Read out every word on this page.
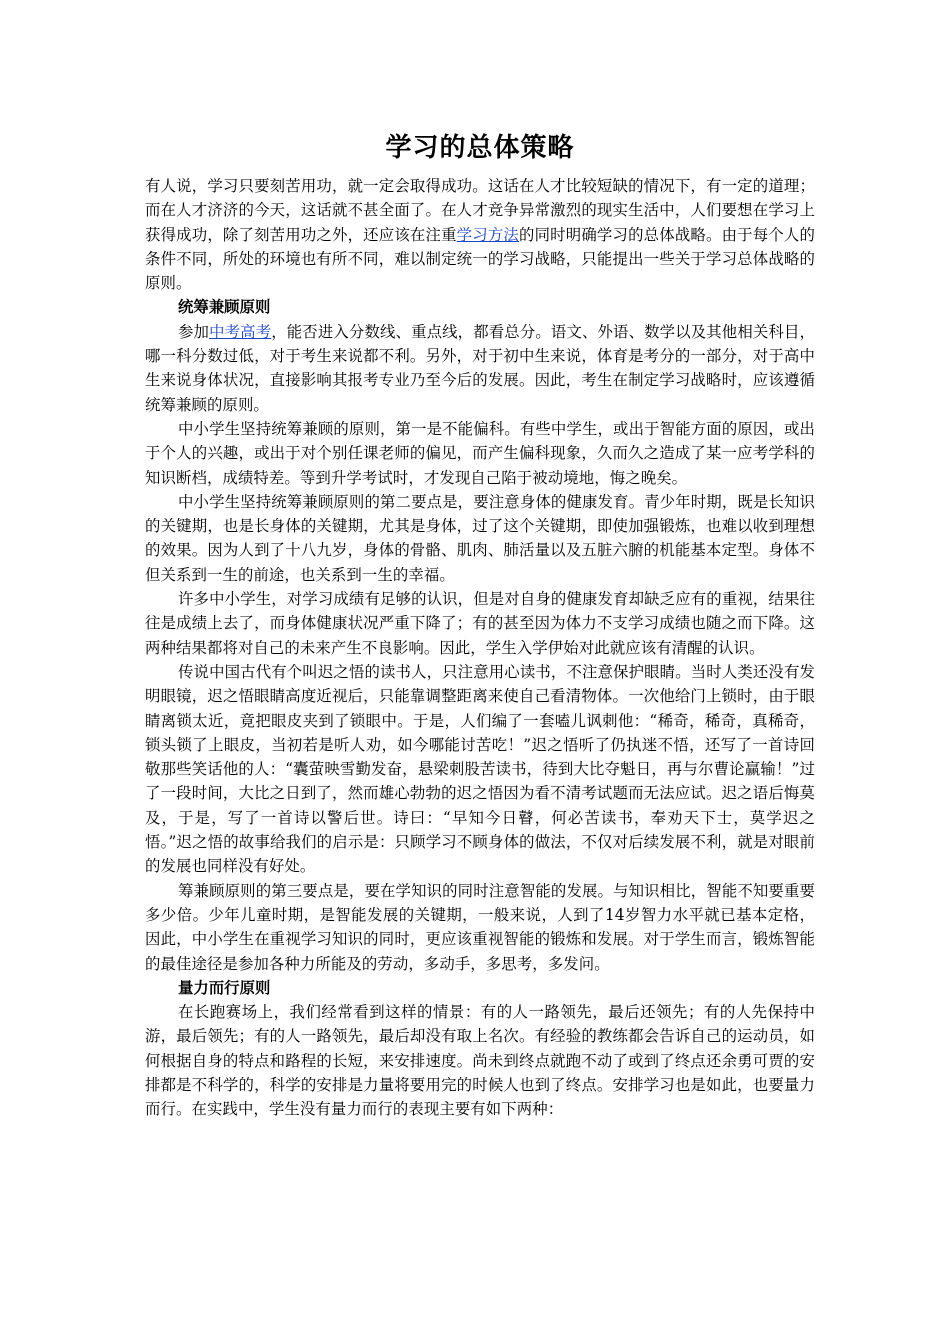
学习的总体策略

有人说，学习只要刻苦用功，就一定会取得成功。这话在人才比较短缺的情况下，有一定的道理；而在人才济济的今天，这话就不甚全面了。在人才竞争异常激烈的现实生活中，人们要想在学习上获得成功，除了刻苦用功之外，还应该在注重学习方法的同时明确学习的总体战略。由于每个人的条件不同，所处的环境也有所不同，难以制定统一的学习战略，只能提出一些关于学习总体战略的原则。

统筹兼顾原则

参加中考高考，能否进入分数线、重点线，都看总分。语文、外语、数学以及其他相关科目，哪一科分数过低，对于考生来说都不利。另外，对于初中生来说，体育是考分的一部分，对于高中生来说身体状况，直接影响其报考专业乃至今后的发展。因此，考生在制定学习战略时，应该遵循统筹兼顾的原则。

中小学生坚持统筹兼顾的原则，第一是不能偏科。有些中学生，或出于智能方面的原因，或出于个人的兴趣，或出于对个别任课老师的偏见，而产生偏科现象，久而久之造成了某一应考学科的知识断档，成绩特差。等到升学考试时，才发现自己陷于被动境地，悔之晚矣。

中小学生坚持统筹兼顾原则的第二要点是，要注意身体的健康发育。青少年时期，既是长知识的关键期，也是长身体的关键期，尤其是身体，过了这个关键期，即使加强锻炼，也难以收到理想的效果。因为人到了十八九岁，身体的骨骼、肌肉、肺活量以及五脏六腑的机能基本定型。身体不但关系到一生的前途，也关系到一生的幸福。

许多中小学生，对学习成绩有足够的认识，但是对自身的健康发育却缺乏应有的重视，结果往往是成绩上去了，而身体健康状况严重下降了；有的甚至因为体力不支学习成绩也随之而下降。这两种结果都将对自己的未来产生不良影响。因此，学生入学伊始对此就应该有清醒的认识。

传说中国古代有个叫迟之悟的读书人，只注意用心读书，不注意保护眼睛。当时人类还没有发明眼镜，迟之悟眼睛高度近视后，只能靠调整距离来使自己看清物体。一次他给门上锁时，由于眼睛离锁太近，竟把眼皮夹到了锁眼中。于是，人们编了一套嗑儿讽刺他：“稀奇，稀奇，真稀奇，锁头锁了上眼皮，当初若是听人劝，如今哪能讨苦吃！”迟之悟听了仍执迷不悟，还写了一首诗回敬那些笑话他的人：“囊萤映雪勤发奋，悬梁刺股苦读书，待到大比夺魁日，再与尔曹论赢输！”过了一段时间，大比之日到了，然而雄心勃勃的迟之悟因为看不清考试题而无法应试。迟之语后悔莫及，于是，写了一首诗以警后世。诗曰：“早知今日瞽，何必苦读书，奉劝天下士，莫学迟之悟。”迟之悟的故事给我们的启示是：只顾学习不顾身体的做法，不仅对后续发展不利，就是对眼前的发展也同样没有好处。

筹兼顾原则的第三要点是，要在学知识的同时注意智能的发展。与知识相比，智能不知要重要多少倍。少年儿童时期，是智能发展的关键期，一般来说，人到了14岁智力水平就已基本定格，因此，中小学生在重视学习知识的同时，更应该重视智能的锻炼和发展。对于学生而言，锻炼智能的最佳途径是参加各种力所能及的劳动，多动手，多思考，多发问。

量力而行原则

在长跑赛场上，我们经常看到这样的情景：有的人一路领先，最后还领先；有的人先保持中游，最后领先；有的人一路领先，最后却没有取上名次。有经验的教练都会告诉自己的运动员，如何根据自身的特点和路程的长短，来安排速度。尚未到终点就跑不动了或到了终点还余勇可贾的安排都是不科学的，科学的安排是力量将要用完的时候人也到了终点。安排学习也是如此，也要量力而行。在实践中，学生没有量力而行的表现主要有如下两种：
